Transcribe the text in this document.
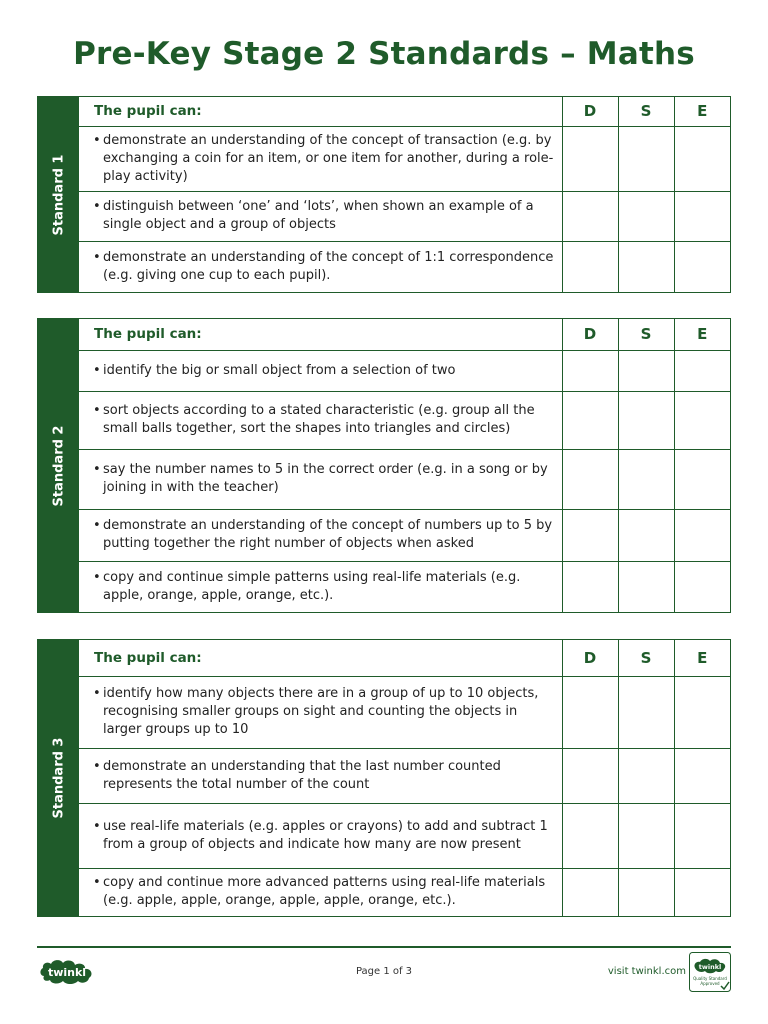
Pre-Key Stage 2 Standards – Maths
Standard 1
The pupil can:	D	S	E

• demonstrate an understanding of the concept of transaction (e.g. by exchanging a coin for an item, or one item for another, during a role-play activity)			

• distinguish between ‘one’ and ‘lots’, when shown an example of a single object and a group of objects			

• demonstrate an understanding of the concept of 1:1 correspondence (e.g. giving one cup to each pupil).			

Standard 2
The pupil can:	D	S	E

• identify the big or small object from a selection of two			

• sort objects according to a stated characteristic (e.g. group all the small balls together, sort the shapes into triangles and circles)			

• say the number names to 5 in the correct order (e.g. in a song or by joining in with the teacher)			

• demonstrate an understanding of the concept of numbers up to 5 by putting together the right number of objects when asked			

• copy and continue simple patterns using real-life materials (e.g. apple, orange, apple, orange, etc.).			

Standard 3
The pupil can:	D	S	E

• identify how many objects there are in a group of up to 10 objects, recognising smaller groups on sight and counting the objects in larger groups up to 10			

• demonstrate an understanding that the last number counted represents the total number of the count			

• use real-life materials (e.g. apples or crayons) to add and subtract 1 from a group of objects and indicate how many are now present			

• copy and continue more advanced patterns using real-life materials (e.g. apple, apple, orange, apple, apple, orange, etc.).			

twinkl	Page 1 of 3	visit twinkl.com twinkl
Quality Standard
Approved
